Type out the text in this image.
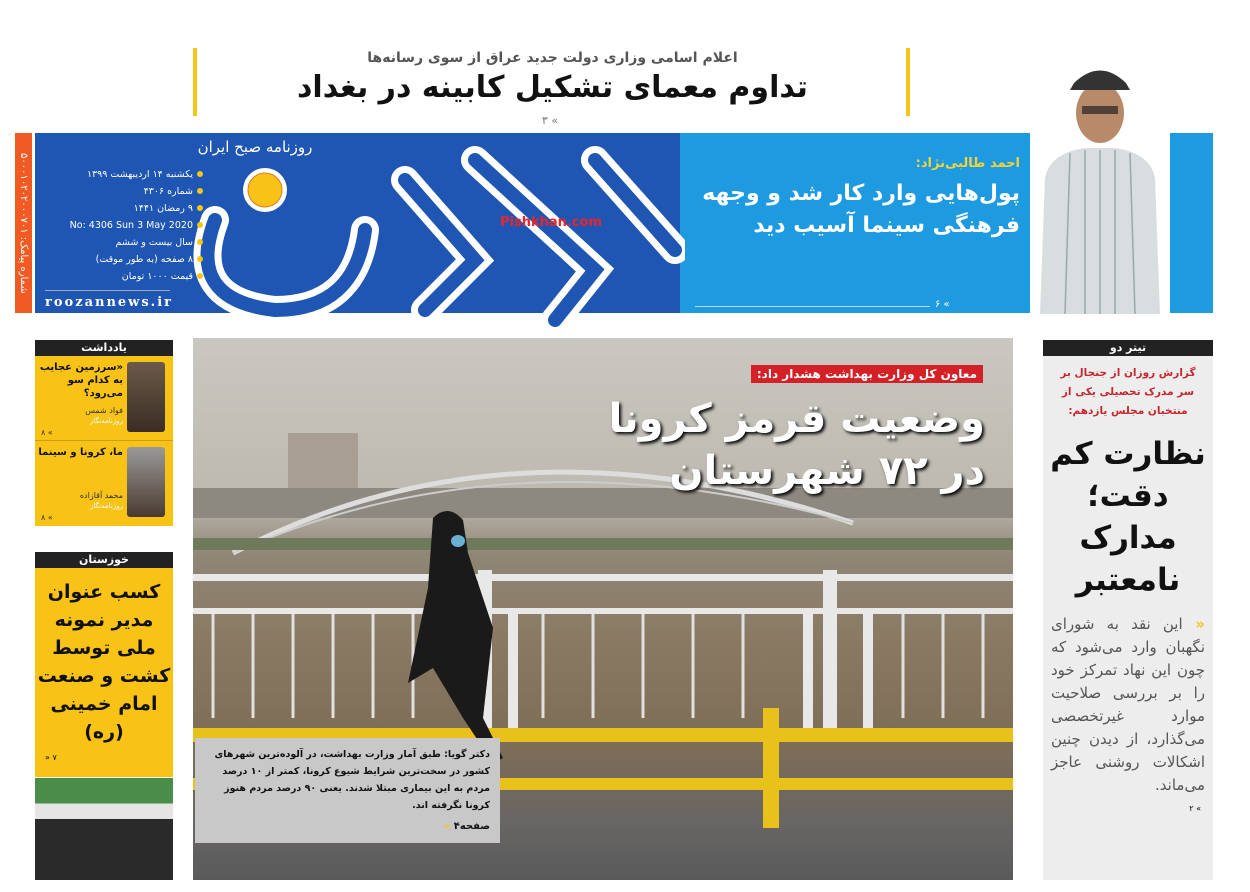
اعلام اسامی وزاری دولت جدید عراق از سوی رسانه‌ها
تداوم معمای تشکیل کابینه در بغداد
» ۳
شماره پیامک: ۵۰۰۰۱۰۲۰۲۰۰۰۷۰۱
روزنامه صبح ایران
یکشنبه ۱۴ اردیبهشت ۱۳۹۹
شماره ۴۳۰۶
۹ رمضان ۱۴۴۱
No: 4306 Sun 3 May 2020
سال بیست و ششم
۸ صفحه (به طور موقت)
قیمت ۱۰۰۰ تومان
roozannews.ir
Pishkhan.com
احمد طالبی‌نژاد:
پول‌هایی وارد کار شد و وجهه فرهنگی سینما آسیب دید
» ۶
یادداشت
«سرزمین عجایب به کدام سو می‌رود؟
فواد شمس
روزنامه‌نگار
» ۸
ما، کرونا و سینما
محمد آقازاده
روزنامه‌نگار
» ۸
خوزستان
کسب عنوان مدیر نمونه ملی توسط کشت و صنعت امام خمینی (ره)
» ۷
معاون کل وزارت بهداشت هشدار داد:
وضعیت قرمز کرونا در ۷۲ شهرستان
دکتر گویا: طبق آمار وزارت بهداشت، در آلوده‌ترین شهرهای کشور در سخت‌ترین شرایط شیوع کرونا، کمتر از ۱۰ درصد مردم به این بیماری مبتلا شدند. یعنی ۹۰ درصد مردم هنوز کرونا نگرفته اند.
صفحه۴ »
تیتر دو
گزارش روزان از جنجال بر سر مدرک تحصیلی یکی از منتخبان مجلس یازدهم:
نظارت کم دقت؛ مدارک نامعتبر
« این نقد به شورای نگهبان وارد می‌شود که چون این نهاد تمرکز خود را بر بررسی صلاحیت موارد غیرتخصصی می‌گذارد، از دیدن چنین اشکالات روشنی عاجز می‌ماند.
» ۲
